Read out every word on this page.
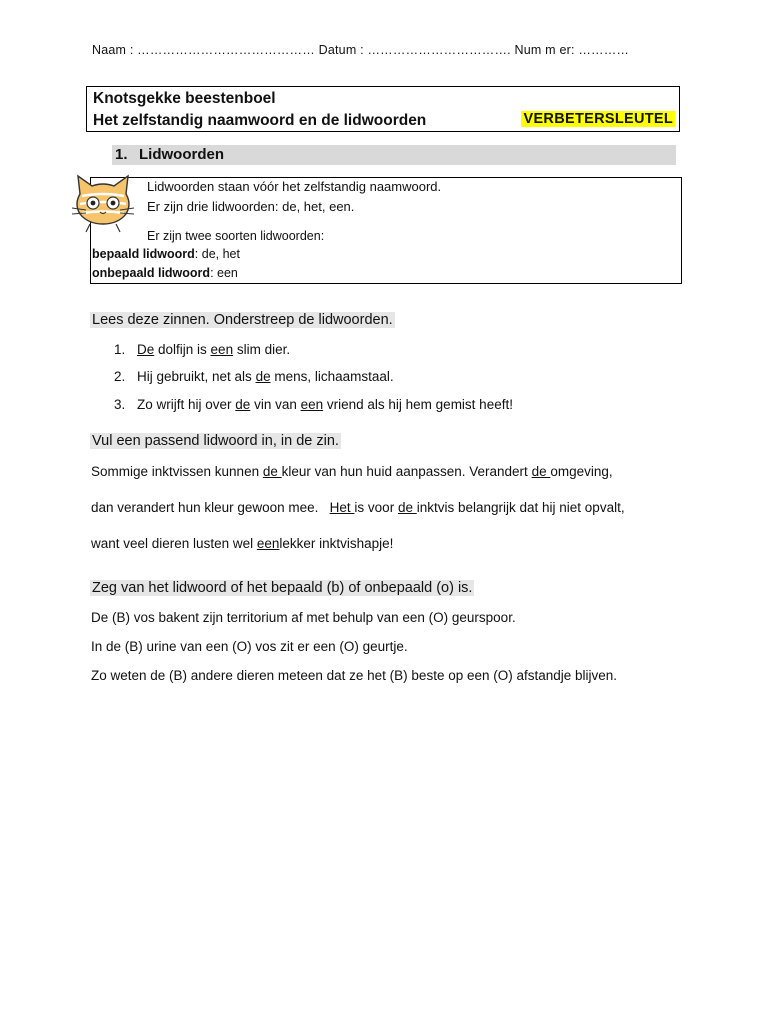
Naam : …………………………………… Datum : ……………………………. Num m er: …………
Knotsgekke beestenboel
Het zelfstandig naamwoord en de lidwoorden	VERBETERSLEUTEL
1. Lidwoorden
Lidwoorden staan vóór het zelfstandig naamwoord.
Er zijn drie lidwoorden: de, het, een.
Er zijn twee soorten lidwoorden:
bepaald lidwoord: de, het
onbepaald lidwoord: een
Lees deze zinnen. Onderstreep de lidwoorden.
1. De dolfijn is een slim dier.
2. Hij gebruikt, net als de mens, lichaamstaal.
3. Zo wrijft hij over de vin van een vriend als hij hem gemist heeft!
Vul een passend lidwoord in, in de zin.
Sommige inktvissen kunnen de kleur van hun huid aanpassen. Verandert de omgeving,
dan verandert hun kleur gewoon mee.   Het is voor de inktvis belangrijk dat hij niet opvalt,
want veel dieren lusten wel eenlekker inktvishapje!
Zeg van het lidwoord of het bepaald (b) of onbepaald (o) is.
De (B) vos bakent zijn territorium af met behulp van een (O) geurspoor.
In de (B) urine van een (O) vos zit er een (O) geurtje.
Zo weten de (B) andere dieren meteen dat ze het (B) beste op een (O) afstandje blijven.
